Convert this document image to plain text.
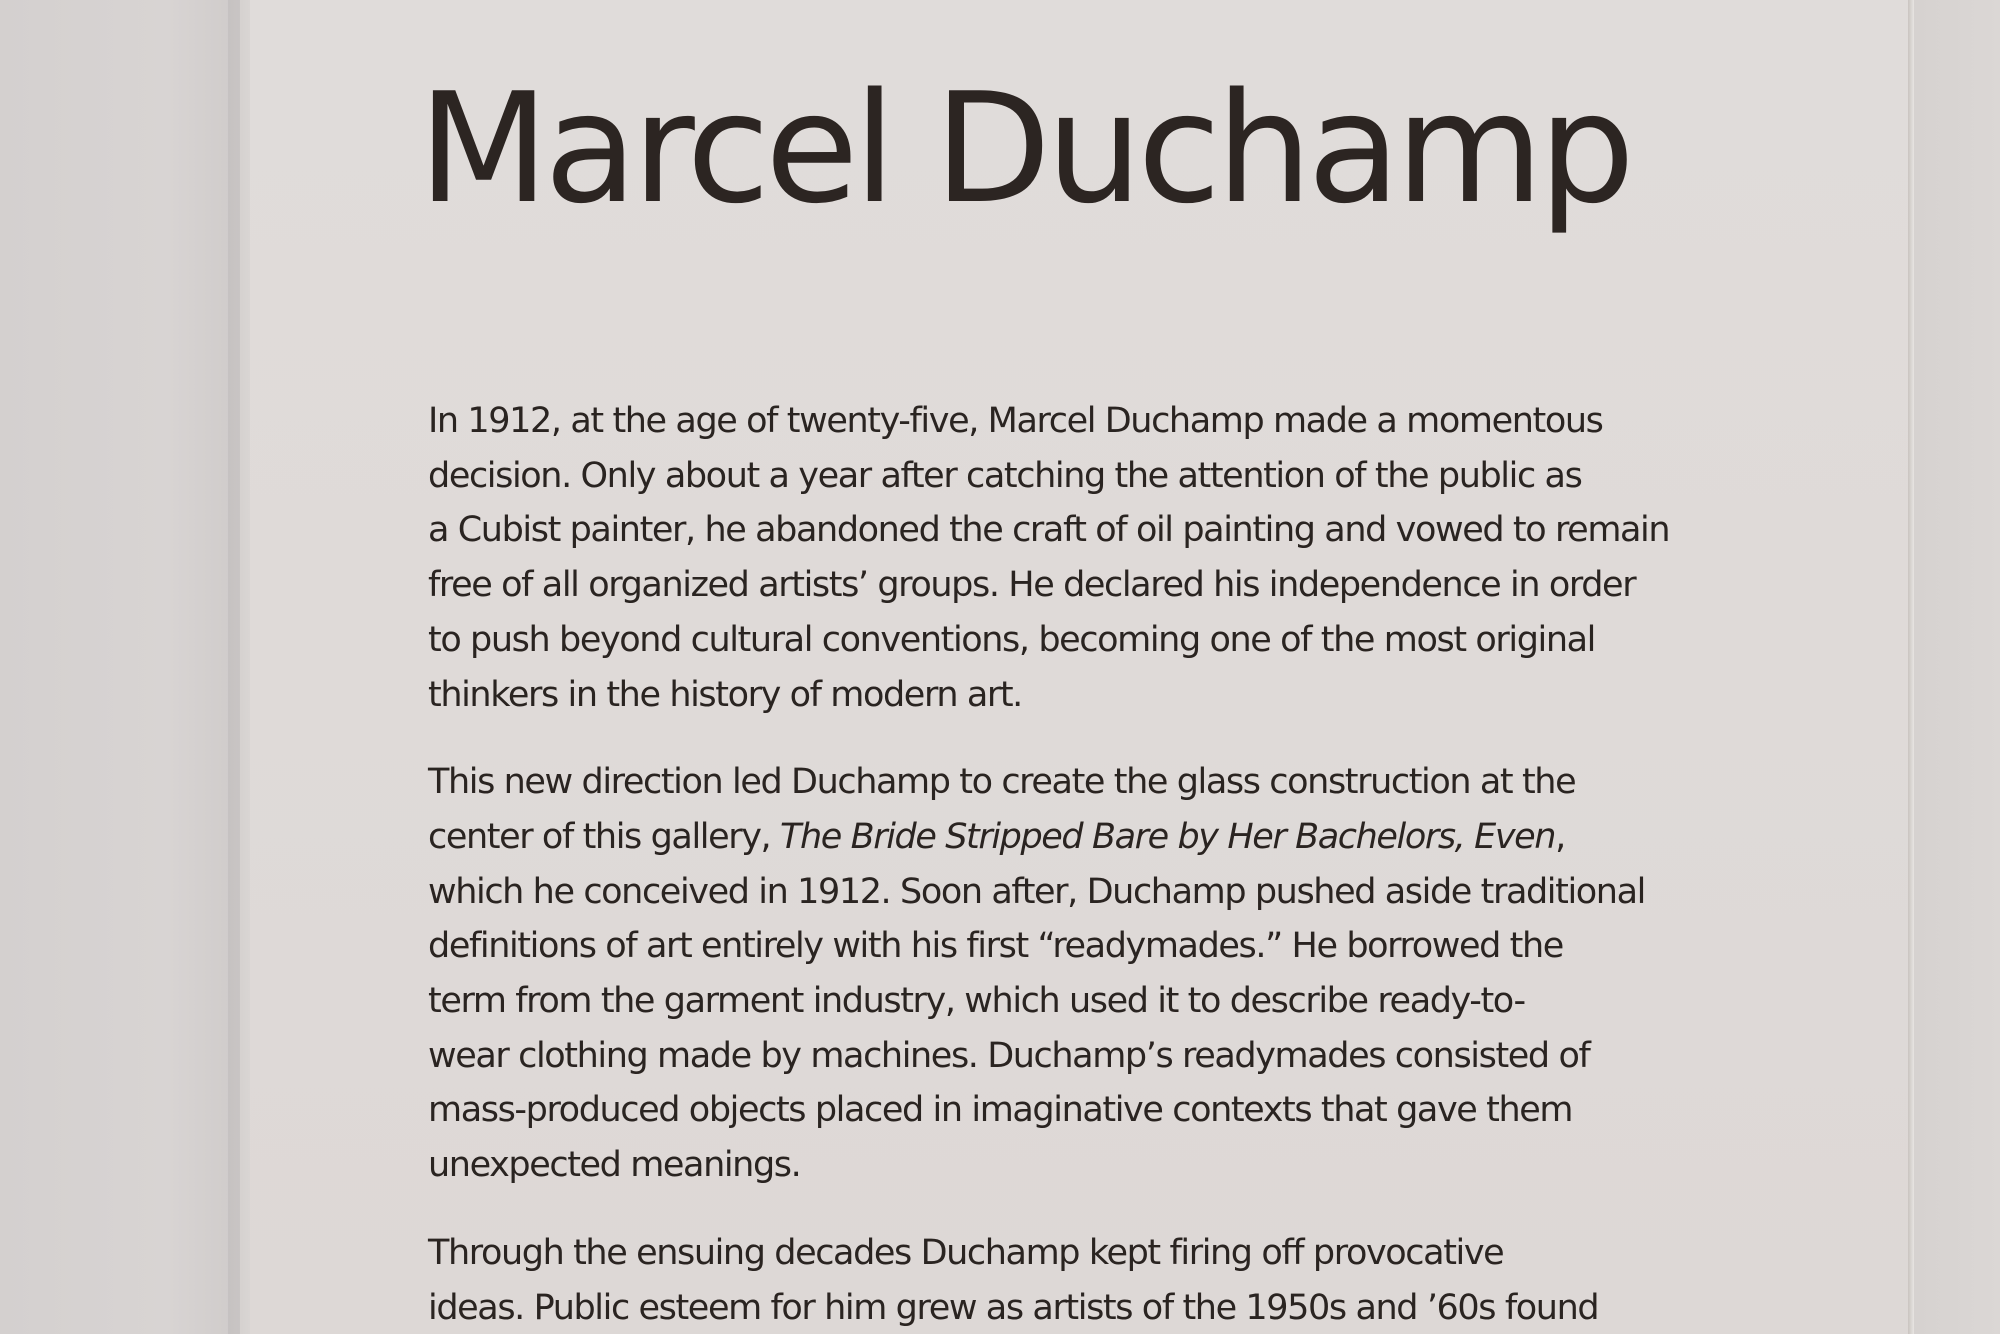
Marcel Duchamp

In 1912, at the age of twenty-five, Marcel Duchamp made a momentous
decision. Only about a year after catching the attention of the public as
a Cubist painter, he abandoned the craft of oil painting and vowed to remain
free of all organized artists’ groups. He declared his independence in order
to push beyond cultural conventions, becoming one of the most original
thinkers in the history of modern art.

This new direction led Duchamp to create the glass construction at the
center of this gallery, The Bride Stripped Bare by Her Bachelors, Even,
which he conceived in 1912. Soon after, Duchamp pushed aside traditional
definitions of art entirely with his first “readymades.” He borrowed the
term from the garment industry, which used it to describe ready-to-
wear clothing made by machines. Duchamp’s readymades consisted of
mass-produced objects placed in imaginative contexts that gave them
unexpected meanings.

Through the ensuing decades Duchamp kept firing off provocative
ideas. Public esteem for him grew as artists of the 1950s and ’60s found
